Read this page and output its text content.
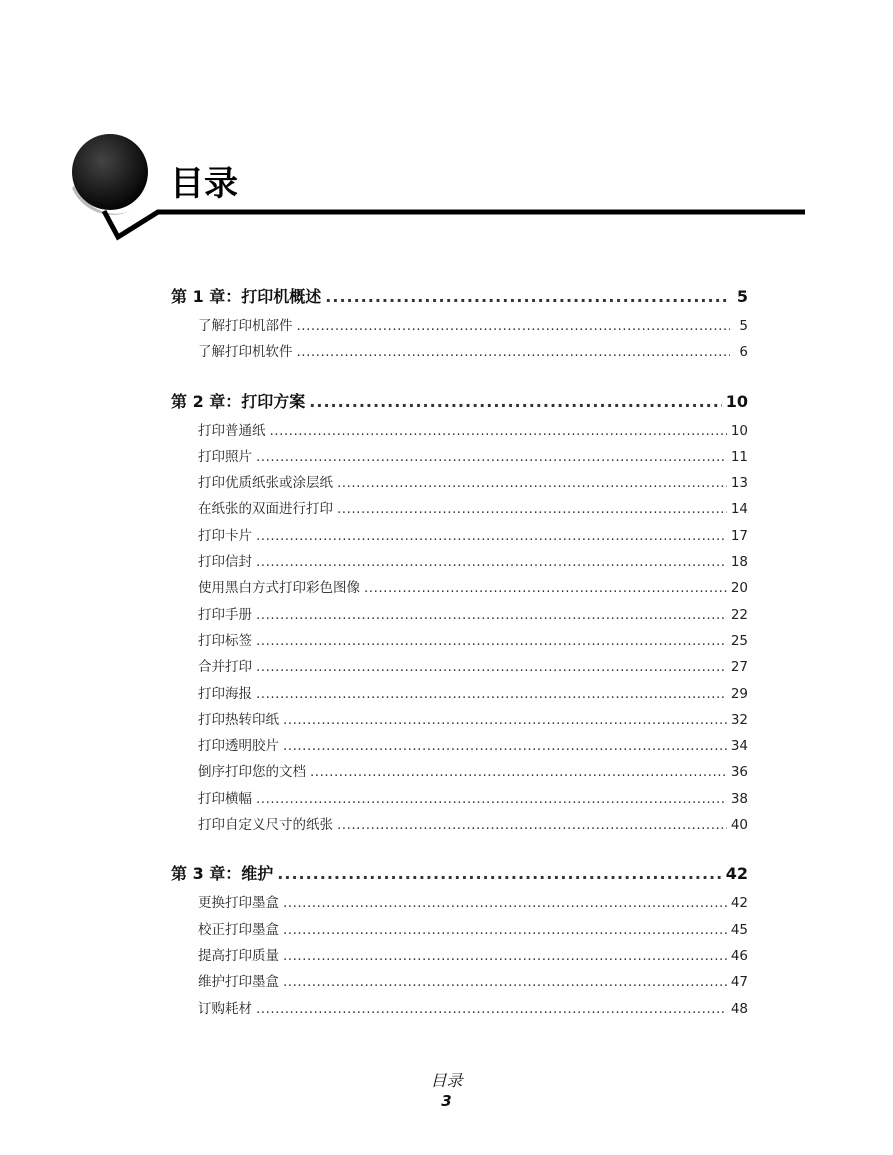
目录
第 1 章：打印机概述 .....	5
了解打印机部件 .....	5
了解打印机软件 .....	6
第 2 章：打印方案 .....	10
打印普通纸 .....	10
打印照片 .....	11
打印优质纸张或涂层纸 .....	13
在纸张的双面进行打印 .....	14
打印卡片 .....	17
打印信封 .....	18
使用黑白方式打印彩色图像 .....	20
打印手册 .....	22
打印标签 .....	25
合并打印 .....	27
打印海报 .....	29
打印热转印纸 .....	32
打印透明胶片 .....	34
倒序打印您的文档 .....	36
打印横幅 .....	38
打印自定义尺寸的纸张 .....	40
第 3 章：维护 .....	42
更换打印墨盒 .....	42
校正打印墨盒 .....	45
提高打印质量 .....	46
维护打印墨盒 .....	47
订购耗材 .....	48
目录
3
